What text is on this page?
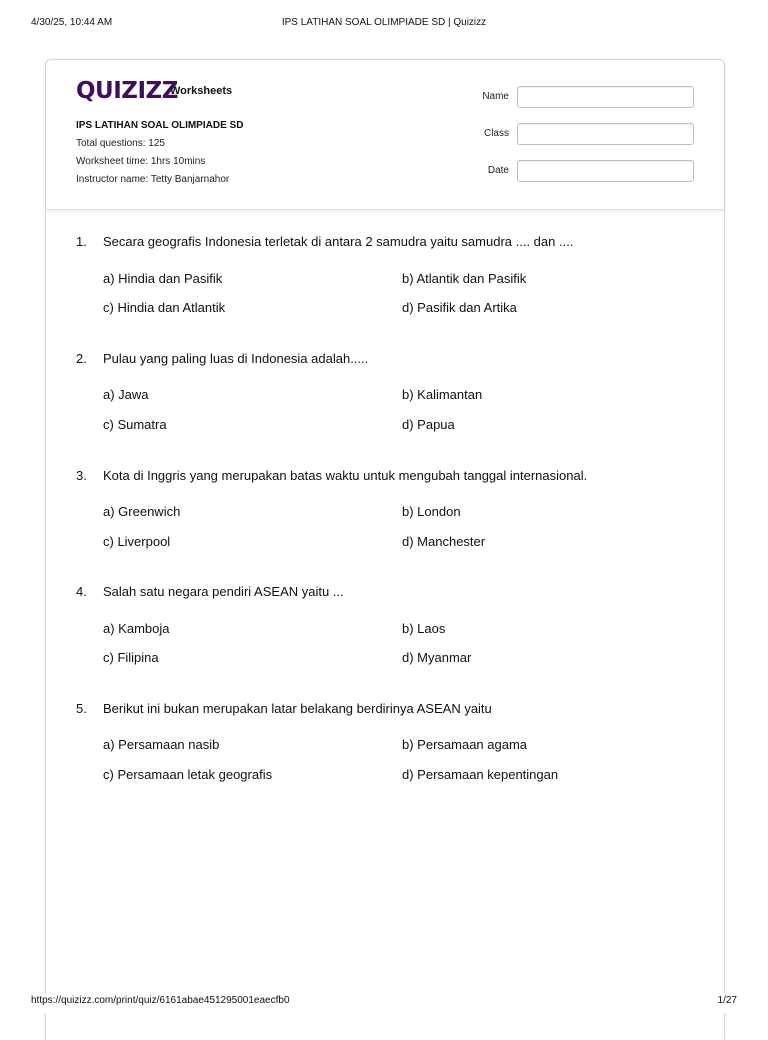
4/30/25, 10:44 AM	IPS LATIHAN SOAL OLIMPIADE SD | Quizizz
QUIZIZZ
Worksheets
IPS LATIHAN SOAL OLIMPIADE SD
Total questions: 125
Worksheet time: 1hrs 10mins
Instructor name: Tetty Banjarnahor
Name
Class
Date
1. Secara geografis Indonesia terletak di antara 2 samudra yaitu samudra .... dan ....
a) Hindia dan Pasifik	b) Atlantik dan Pasifik
c) Hindia dan Atlantik	d) Pasifik dan Artika
2. Pulau yang paling luas di Indonesia adalah.....
a) Jawa	b) Kalimantan
c) Sumatra	d) Papua
3. Kota di Inggris yang merupakan batas waktu untuk mengubah tanggal internasional.
a) Greenwich	b) London
c) Liverpool	d) Manchester
4. Salah satu negara pendiri ASEAN yaitu ...
a) Kamboja	b) Laos
c) Filipina	d) Myanmar
5. Berikut ini bukan merupakan latar belakang berdirinya ASEAN yaitu
a) Persamaan nasib	b) Persamaan agama
c) Persamaan letak geografis	d) Persamaan kepentingan
https://quizizz.com/print/quiz/6161abae451295001eaecfb0	1/27
